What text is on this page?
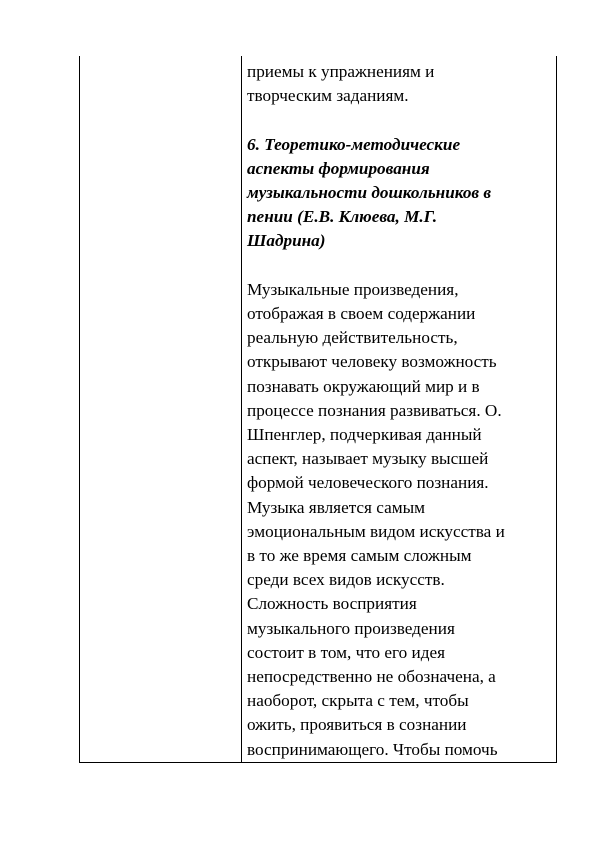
приемы к упражнениям и
творческим заданиям.

6. Теоретико-методические
аспекты формирования
музыкальности дошкольников в
пении (Е.В. Клюева, М.Г.
Шадрина)

Музыкальные произведения,
отображая в своем содержании
реальную действительность,
открывают человеку возможность
познавать окружающий мир и в
процессе познания развиваться. О.
Шпенглер, подчеркивая данный
аспект, называет музыку высшей
формой человеческого познания.
Музыка является самым
эмоциональным видом искусства и
в то же время самым сложным
среди всех видов искусств.
Сложность восприятия
музыкального произведения
состоит в том, что его идея
непосредственно не обозначена, а
наоборот, скрыта с тем, чтобы
ожить, проявиться в сознании
воспринимающего. Чтобы помочь
